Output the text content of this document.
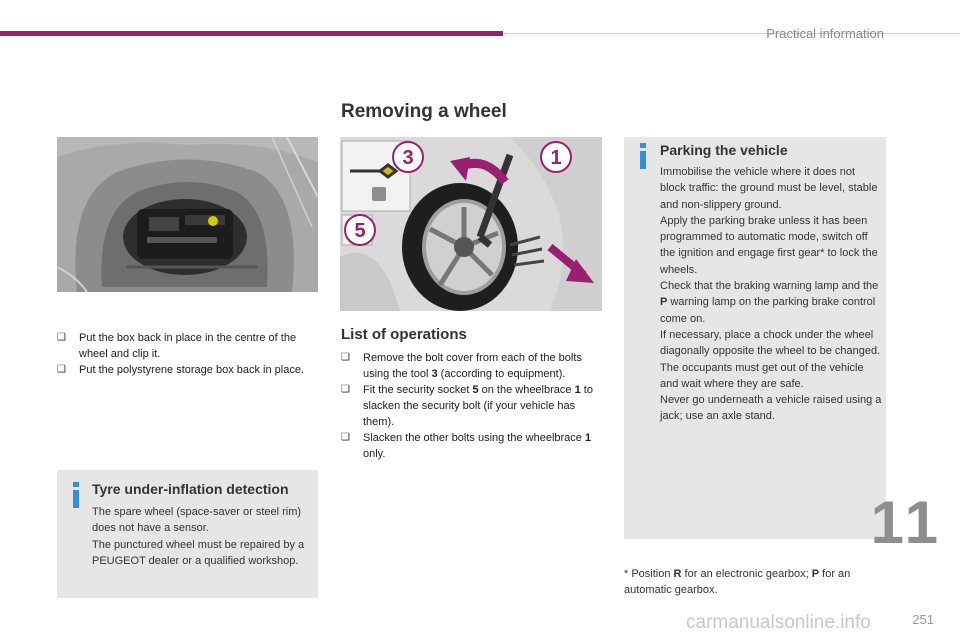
Practical information
Removing a wheel
3
5
1
❑ Put the box back in place in the centre of the wheel and clip it.
❑ Put the polystyrene storage box back in place.
List of operations
❑ Remove the bolt cover from each of the bolts using the tool 3 (according to equipment).
❑ Fit the security socket 5 on the wheelbrace 1 to slacken the security bolt (if your vehicle has them).
❑ Slacken the other bolts using the wheelbrace 1 only.
Tyre under-inflation detection
The spare wheel (space-saver or steel rim) does not have a sensor.
The punctured wheel must be repaired by a PEUGEOT dealer or a qualified workshop.
Parking the vehicle
Immobilise the vehicle where it does not block traffic: the ground must be level, stable and non-slippery ground.
Apply the parking brake unless it has been programmed to automatic mode, switch off the ignition and engage first gear* to lock the wheels.
Check that the braking warning lamp and the P warning lamp on the parking brake control come on.
If necessary, place a chock under the wheel diagonally opposite the wheel to be changed.
The occupants must get out of the vehicle and wait where they are safe.
Never go underneath a vehicle raised using a jack; use an axle stand.
* Position R for an electronic gearbox; P for an automatic gearbox.
11
carmanualsonline.info	251
